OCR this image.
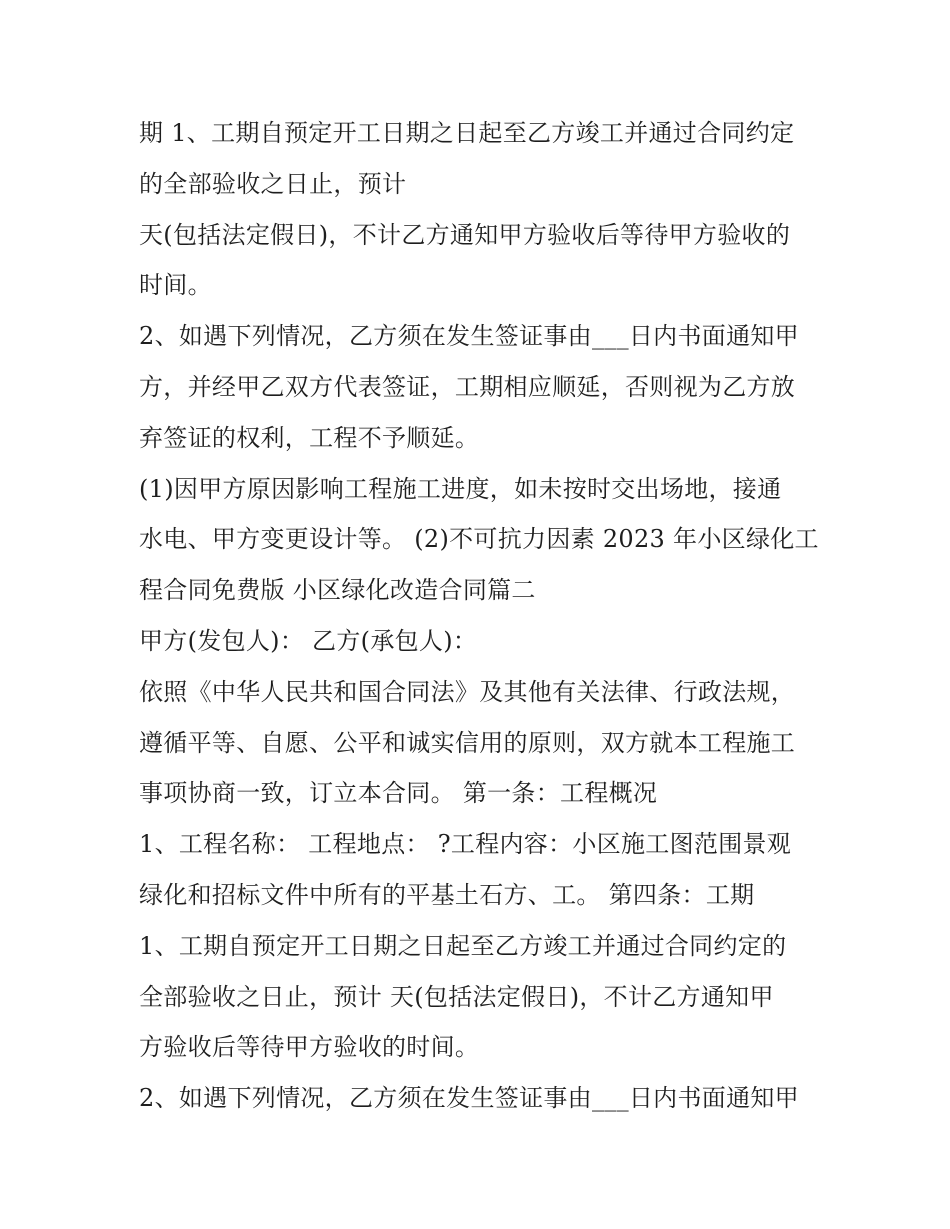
期 1、工期自预定开工日期之日起至乙方竣工并通过合同约定
的全部验收之日止，预计
天(包括法定假日)，不计乙方通知甲方验收后等待甲方验收的
时间。
2、如遇下列情况，乙方须在发生签证事由___日内书面通知甲
方，并经甲乙双方代表签证，工期相应顺延，否则视为乙方放
弃签证的权利，工程不予顺延。
(1)因甲方原因影响工程施工进度，如未按时交出场地，接通
水电、甲方变更设计等。 (2)不可抗力因素 2023 年小区绿化工
程合同免费版 小区绿化改造合同篇二
甲方(发包人)： 乙方(承包人)：
依照《中华人民共和国合同法》及其他有关法律、行政法规，
遵循平等、自愿、公平和诚实信用的原则，双方就本工程施工
事项协商一致，订立本合同。 第一条：工程概况
1、工程名称： 工程地点： ?工程内容：小区施工图范围景观
绿化和招标文件中所有的平基土石方、工。 第四条：工期
1、工期自预定开工日期之日起至乙方竣工并通过合同约定的
全部验收之日止，预计 天(包括法定假日)，不计乙方通知甲
方验收后等待甲方验收的时间。
2、如遇下列情况，乙方须在发生签证事由___日内书面通知甲
